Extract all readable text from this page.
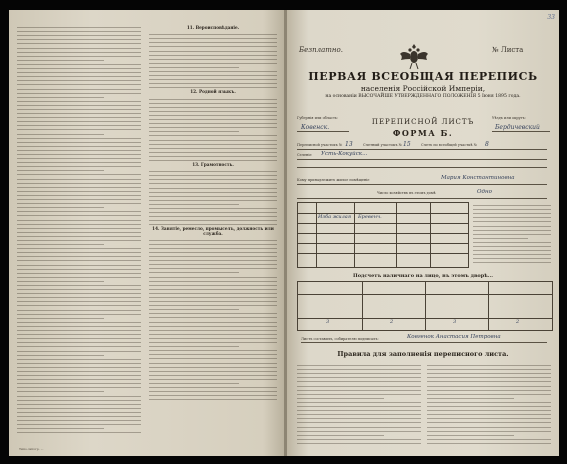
11. Вероисповѣданіе.
12. Родной языкъ.
13. Грамотность.
14. Занятіе, ремесло, промыселъ, должность или служба.
Типо-литогр. ...
33
Безплатно.	№ Листа
ПЕРВАЯ ВСЕОБЩАЯ ПЕРЕПИСЬ
населенія Россійской Имперіи,
на основаніи ВЫСОЧАЙШЕ УТВЕРЖДЕННАГО ПОЛОЖЕНІЯ 5 Іюня 1895 года.
ПЕРЕПИСНОЙ ЛИСТЪ
ФОРМА Б.
Губернія или область:
Ковенск.
Уѣздъ или округъ:
Бердичевский
Переписной участокъ № 13	Счетный участокъ № 15	Счетъ по всеобщей участкѣ № 8
Селеніе Усть-Кокуйск...
Кому принадлежитъ жилое помѣщеніе	Мария Константиновна
Число хозяйствъ въ этомъ домѣ	Одно
Изба жилая Бревенч.
Подсчетъ наличнаго на лицо, въ этомъ дворѣ...
3	2	3	2
Листъ составилъ, собирателю подписалъ:	Ковгенок Анастасия Петровна
Правила для заполненія переписного листа.
